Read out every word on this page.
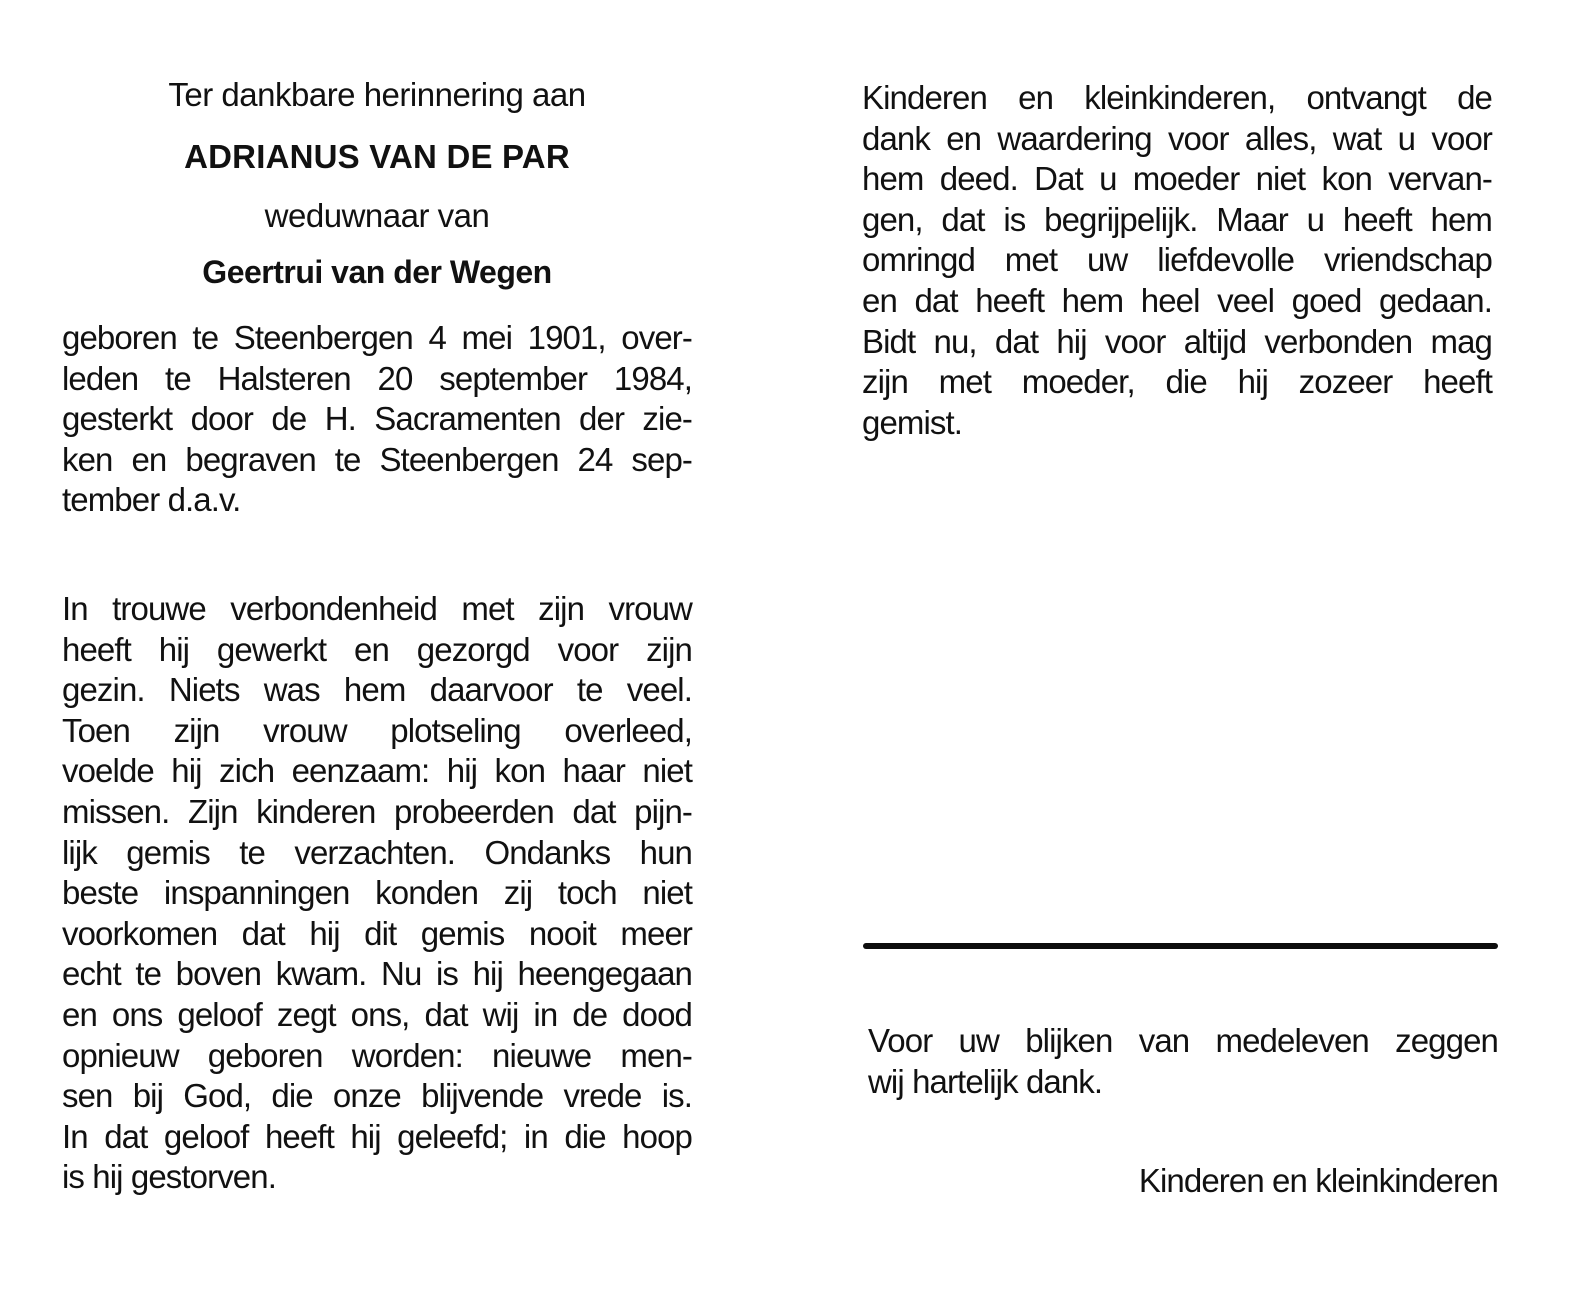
Ter dankbare herinnering aan
ADRIANUS VAN DE PAR
weduwnaar van
Geertrui van der Wegen
geboren te Steenbergen 4 mei 1901, over-
leden te Halsteren 20 september 1984,
gesterkt door de H. Sacramenten der zie-
ken en begraven te Steenbergen 24 sep-
tember d.a.v.
In trouwe verbondenheid met zijn vrouw
heeft hij gewerkt en gezorgd voor zijn
gezin. Niets was hem daarvoor te veel.
Toen zijn vrouw plotseling overleed,
voelde hij zich eenzaam: hij kon haar niet
missen. Zijn kinderen probeerden dat pijn-
lijk gemis te verzachten. Ondanks hun
beste inspanningen konden zij toch niet
voorkomen dat hij dit gemis nooit meer
echt te boven kwam. Nu is hij heengegaan
en ons geloof zegt ons, dat wij in de dood
opnieuw geboren worden: nieuwe men-
sen bij God, die onze blijvende vrede is.
In dat geloof heeft hij geleefd; in die hoop
is hij gestorven.
Kinderen en kleinkinderen, ontvangt de
dank en waardering voor alles, wat u voor
hem deed. Dat u moeder niet kon vervan-
gen, dat is begrijpelijk. Maar u heeft hem
omringd met uw liefdevolle vriendschap
en dat heeft hem heel veel goed gedaan.
Bidt nu, dat hij voor altijd verbonden mag
zijn met moeder, die hij zozeer heeft
gemist.
Voor uw blijken van medeleven zeggen
wij hartelijk dank.
Kinderen en kleinkinderen
